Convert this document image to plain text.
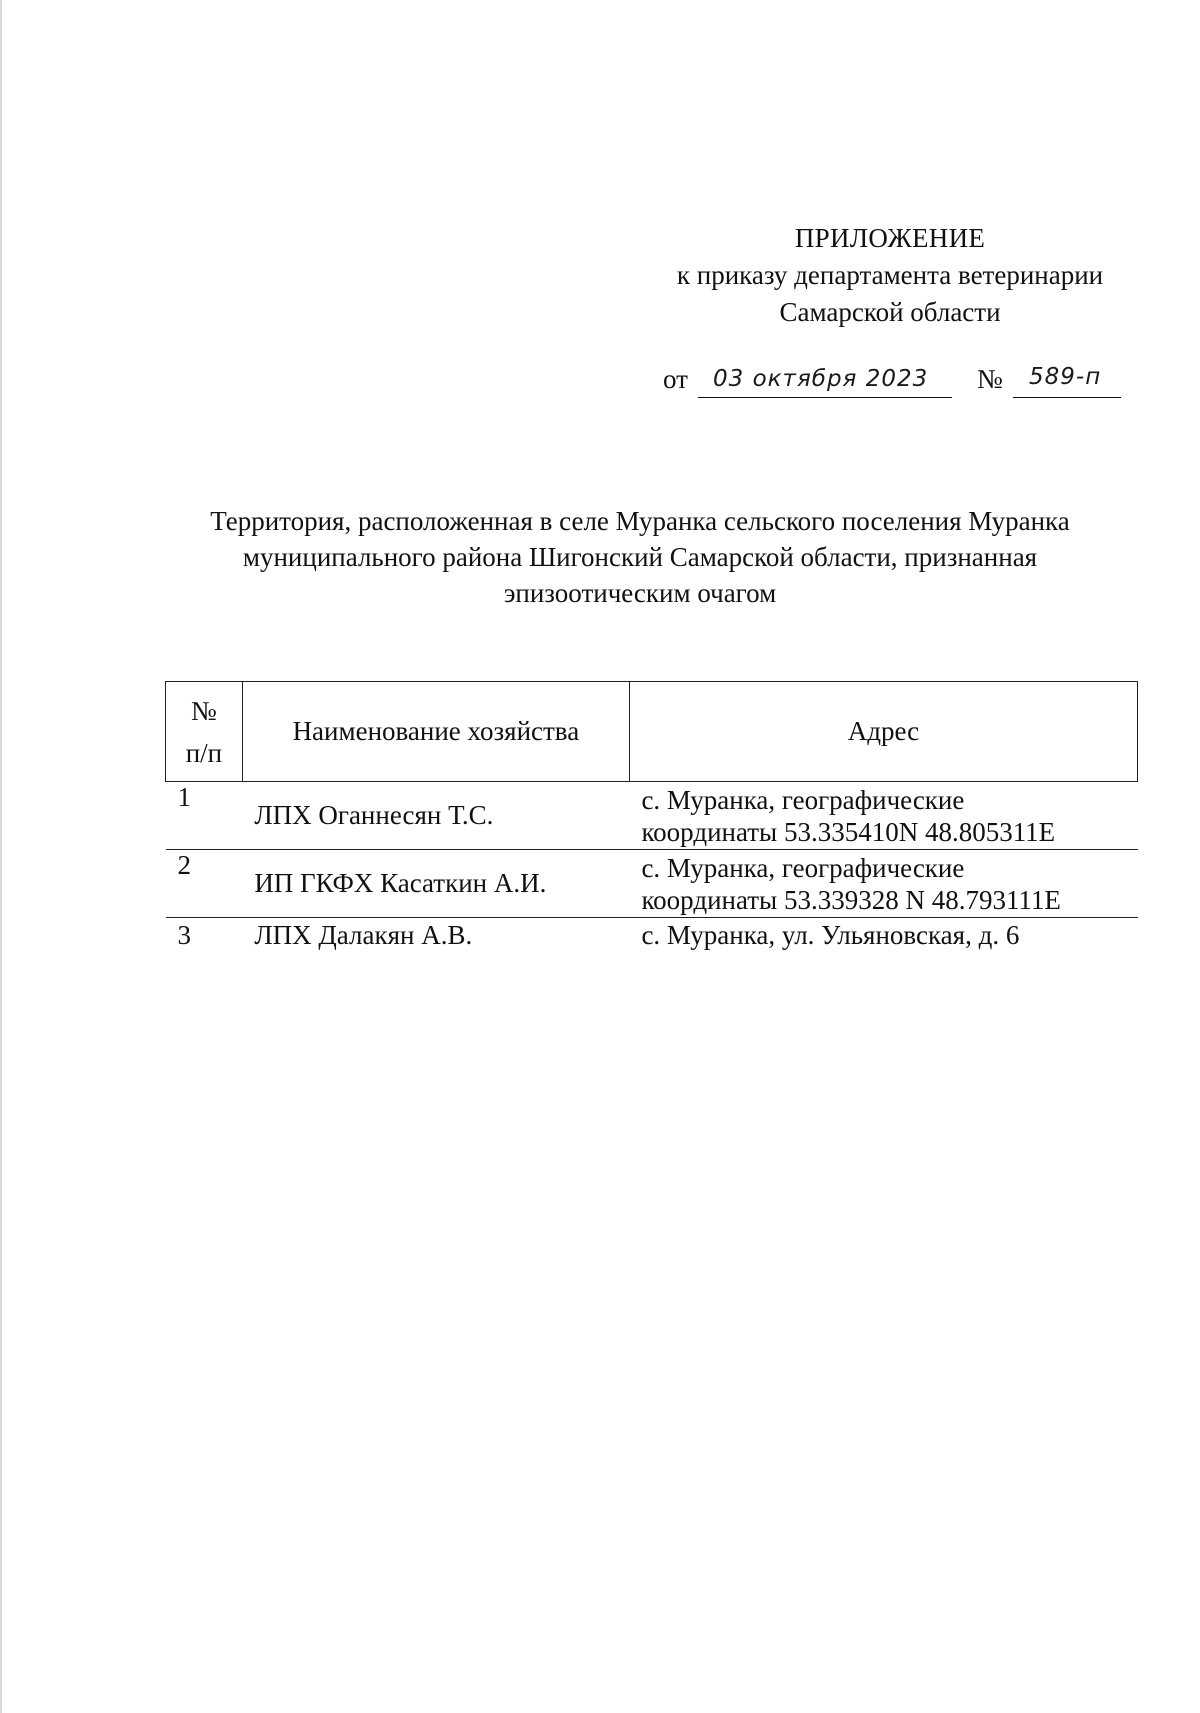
ПРИЛОЖЕНИЕ
к приказу департамента ветеринарии
Самарской области
от 03 октября 2023 № 589-п
Территория, расположенная в селе Муранка сельского поселения Муранка
муниципального района Шигонский Самарской области, признанная
эпизоотическим очагом
№
п/п	Наименование хозяйства	Адрес
1	ЛПХ Оганнесян Т.С.	с. Муранка, географические
координаты 53.335410N 48.805311E

2	ИП ГКФХ Касаткин А.И.	с. Муранка, географические
координаты 53.339328 N 48.793111E

3	ЛПХ Далакян А.В.	с. Муранка, ул. Ульяновская, д. 6
